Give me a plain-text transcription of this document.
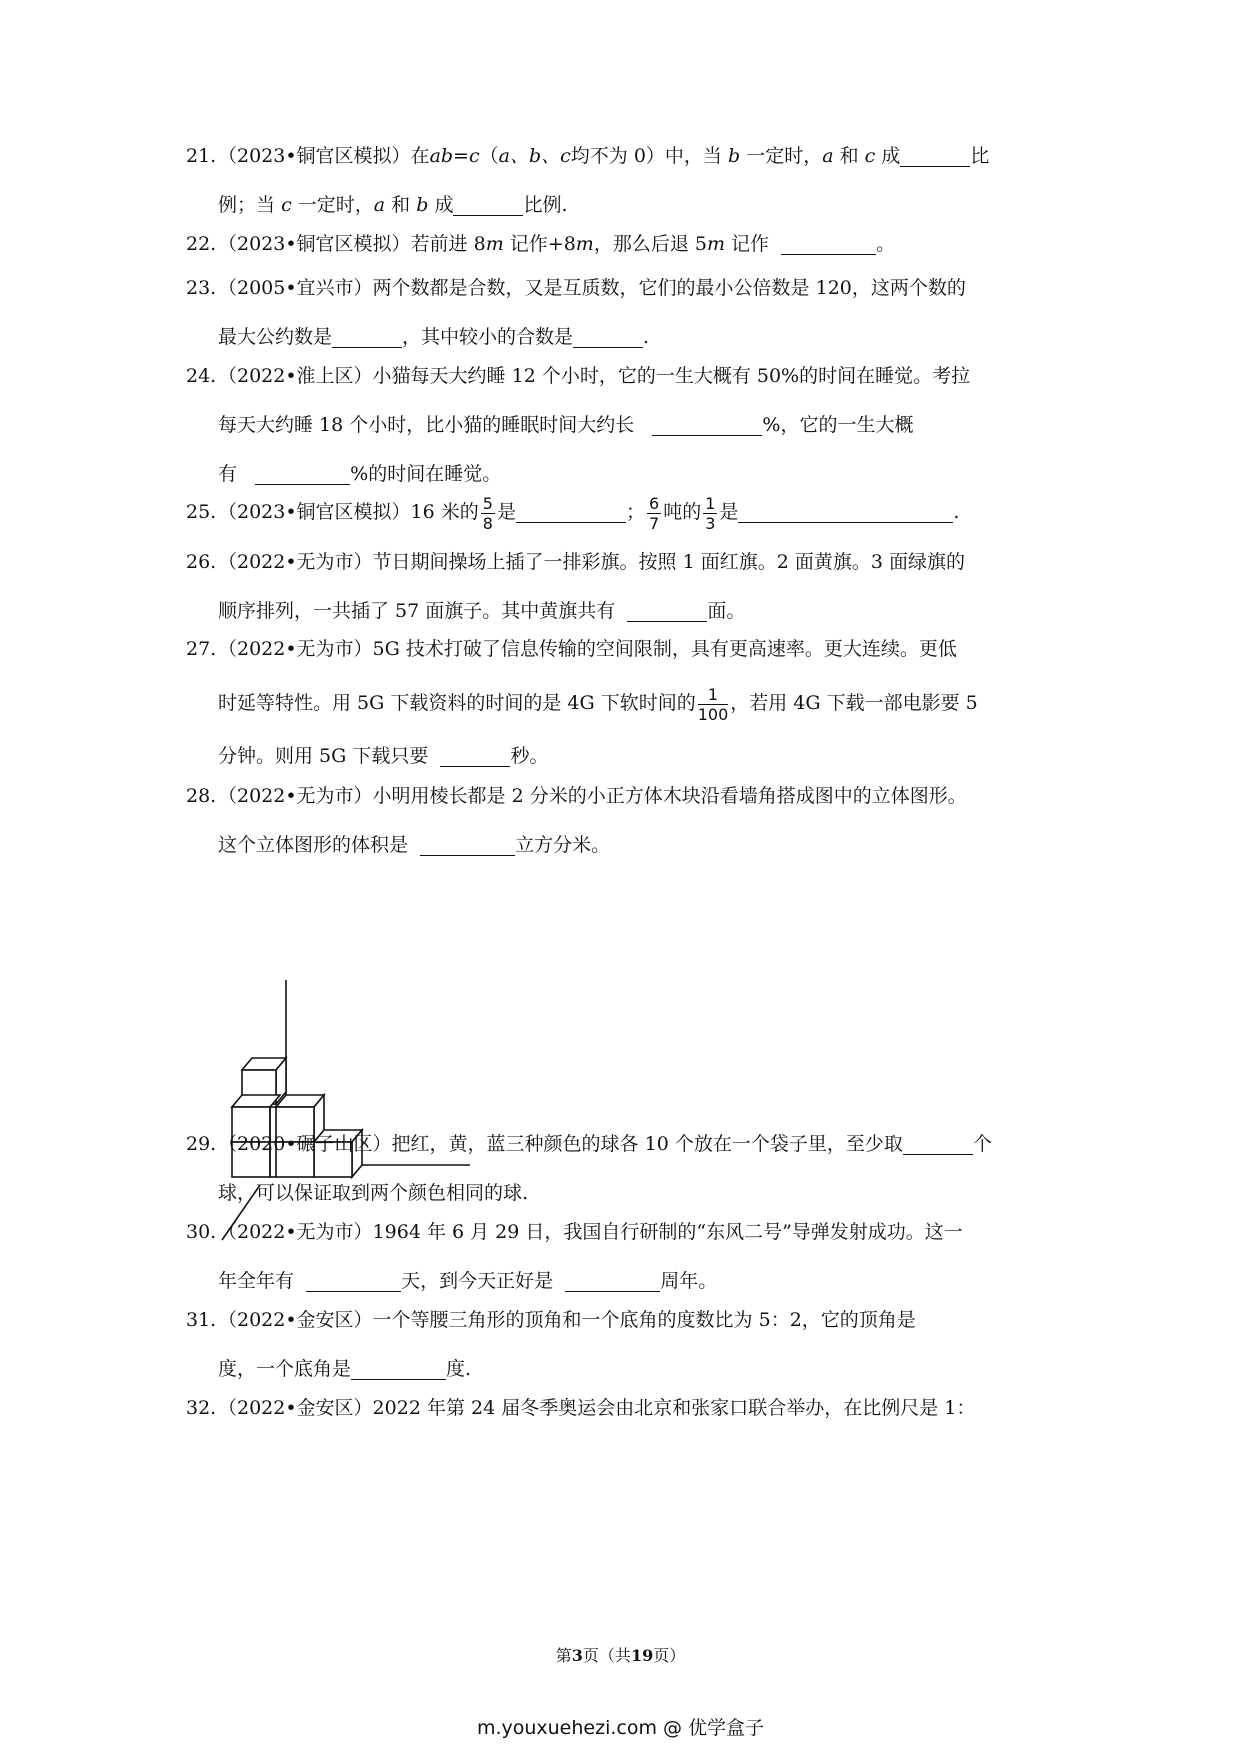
21.（2023•铜官区模拟）在ab=c（a、b、c均不为 0）中，当 b 一定时，a 和 c 成	比
例；当 c 一定时，a 和 b 成	比例.
22.（2023•铜官区模拟）若前进 8m 记作+8m，那么后退 5m 记作	。
23.（2005•宜兴市）两个数都是合数，又是互质数，它们的最小公倍数是 120，这两个数的
最大公约数是	，其中较小的合数是	.
24.（2022•淮上区）小猫每天大约睡 12 个小时，它的一生大概有 50%的时间在睡觉。考拉
每天大约睡 18 个小时，比小猫的睡眠时间大约长	%，它的一生大概
有	%的时间在睡觉。
25.（2023•铜官区模拟）16 米的 $\frac{5}{8}$ 是	； $\frac{6}{7}$ 吨的 $\frac{1}{3}$ 是	.
26.（2022•无为市）节日期间操场上插了一排彩旗。按照 1 面红旗。2 面黄旗。3 面绿旗的
顺序排列，一共插了 57 面旗子。其中黄旗共有	面。
27.（2022•无为市）5G 技术打破了信息传输的空间限制，具有更高速率。更大连续。更低
时延等特性。用 5G 下载资料的时间的是 4G 下软时间的 $\frac{1}{100}$ ，若用 4G 下载一部电影要 5
分钟。则用 5G 下载只要	秒。
28.（2022•无为市）小明用棱长都是 2 分米的小正方体木块沿看墙角搭成图中的立体图形。
这个立体图形的体积是	立方分米。
29.（2020•碾子山区）把红，黄，蓝三种颜色的球各 10 个放在一个袋子里，至少取	个
球，可以保证取到两个颜色相同的球.
30.（2022•无为市）1964 年 6 月 29 日，我国自行研制的“东风二号”导弹发射成功。这一
年全年有	天，到今天正好是	周年。
31.（2022•金安区）一个等腰三角形的顶角和一个底角的度数比为 5：2，它的顶角是
度，一个底角是	度.
32.（2022•金安区）2022 年第 24 届冬季奥运会由北京和张家口联合举办，在比例尺是 1：
第3页（共19页）
m.youxuehezi.com @ 优学盒子
